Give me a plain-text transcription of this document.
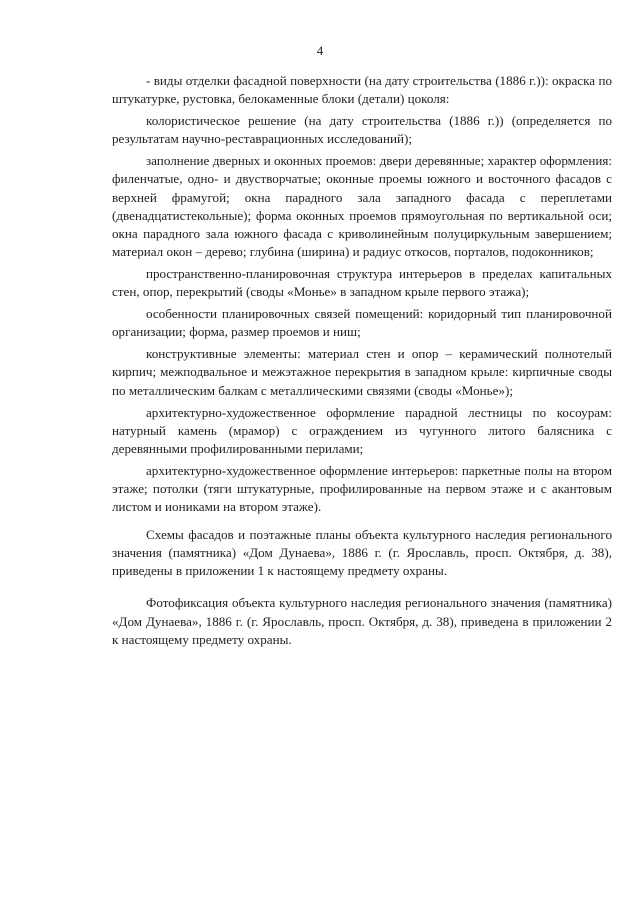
4

- виды отделки фасадной поверхности (на дату строительства (1886 г.)): окраска по штукатурке, рустовка, белокаменные блоки (детали) цоколя:

колористическое решение (на дату строительства (1886 г.)) (определяется по результатам научно-реставрационных исследований);

заполнение дверных и оконных проемов: двери деревянные; характер оформления: филенчатые, одно- и двустворчатые; оконные проемы южного и восточного фасадов с верхней фрамугой; окна парадного зала западного фасада с переплетами (двенадцатистекольные); форма оконных проемов прямоугольная по вертикальной оси; окна парадного зала южного фасада с криволинейным полуциркульным завершением; материал окон – дерево; глубина (ширина) и радиус откосов, порталов, подоконников;

пространственно-планировочная структура интерьеров в пределах капитальных стен, опор, перекрытий (своды «Монье» в западном крыле первого этажа);

особенности планировочных связей помещений: коридорный тип планировочной организации; форма, размер проемов и ниш;

конструктивные элементы: материал стен и опор – керамический полнотелый кирпич; межподвальное и межэтажное перекрытия в западном крыле: кирпичные своды по металлическим балкам с металлическими связями (своды «Монье»);

архитектурно-художественное оформление парадной лестницы по косоурам: натурный камень (мрамор) с ограждением из чугунного литого балясника с деревянными профилированными перилами;

архитектурно-художественное оформление интерьеров: паркетные полы на втором этаже; потолки (тяги штукатурные, профилированные на первом этаже и с акантовым листом и иониками на втором этаже).

Схемы фасадов и поэтажные планы объекта культурного наследия регионального значения (памятника) «Дом Дунаева», 1886 г. (г. Ярославль, просп. Октября, д. 38), приведены в приложении 1 к настоящему предмету охраны.

Фотофиксация объекта культурного наследия регионального значения (памятника) «Дом Дунаева», 1886 г. (г. Ярославль, просп. Октября, д. 38), приведена в приложении 2 к настоящему предмету охраны.
